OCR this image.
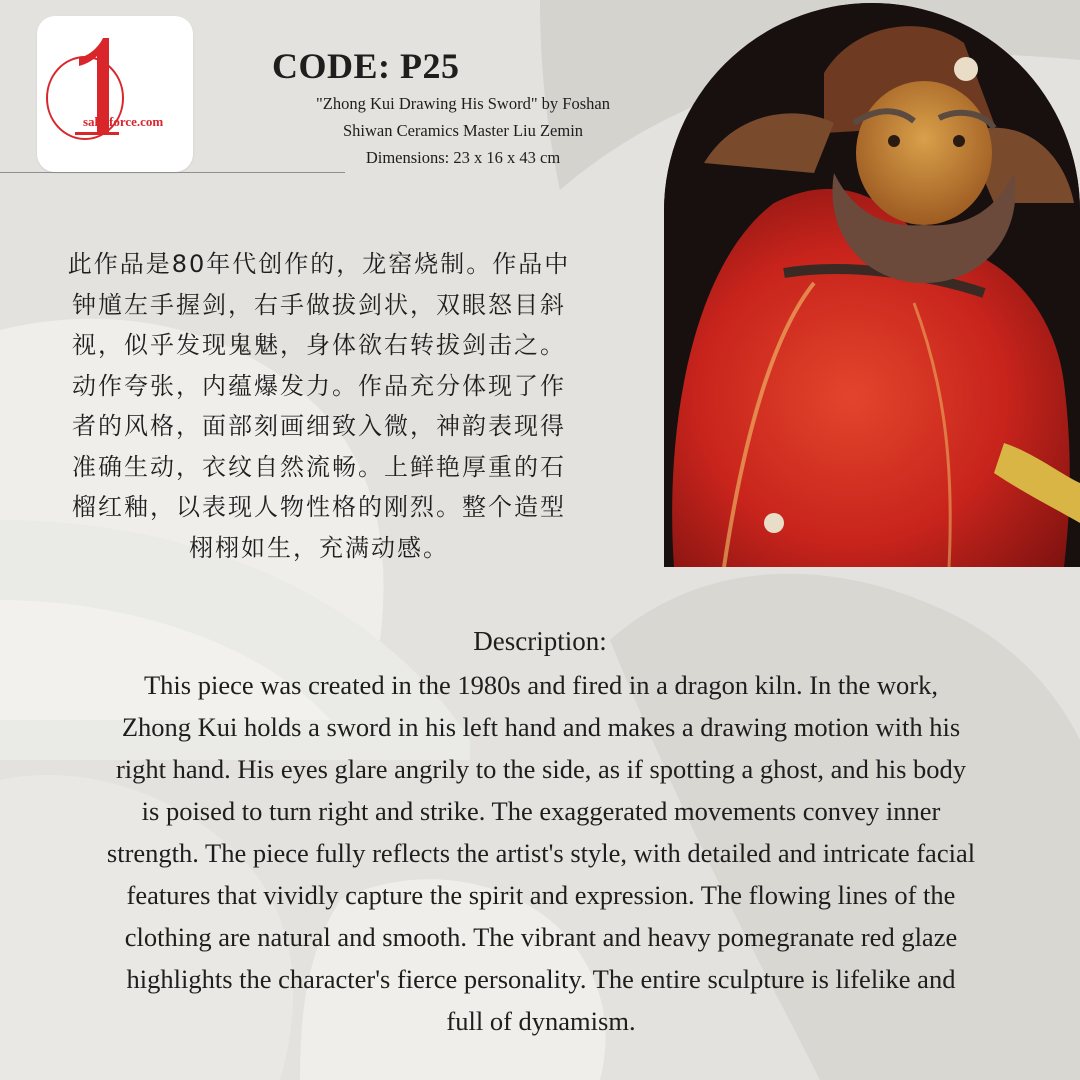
salesforce.com
CODE: P25
"Zhong Kui Drawing His Sword" by Foshan
Shiwan Ceramics Master Liu Zemin
Dimensions: 23 x 16 x 43 cm
此作品是80年代创作的，龙窑烧制。作品中
钟馗左手握剑，右手做拔剑状，双眼怒目斜
视，似乎发现鬼魅，身体欲右转拔剑击之。
动作夸张，内蕴爆发力。作品充分体现了作
者的风格，面部刻画细致入微，神韵表现得
准确生动，衣纹自然流畅。上鲜艳厚重的石
榴红釉，以表现人物性格的刚烈。整个造型
栩栩如生，充满动感。
Description:
This piece was created in the 1980s and fired in a dragon kiln. In the work,
Zhong Kui holds a sword in his left hand and makes a drawing motion with his
right hand. His eyes glare angrily to the side, as if spotting a ghost, and his body
is poised to turn right and strike. The exaggerated movements convey inner
strength. The piece fully reflects the artist's style, with detailed and intricate facial
features that vividly capture the spirit and expression. The flowing lines of the
clothing are natural and smooth. The vibrant and heavy pomegranate red glaze
highlights the character's fierce personality. The entire sculpture is lifelike and
full of dynamism.
